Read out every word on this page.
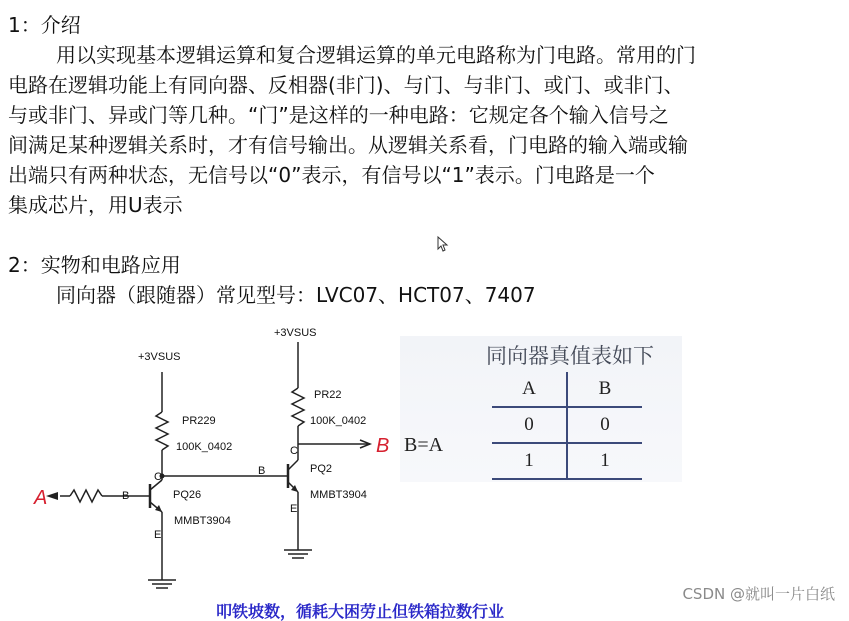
1：介绍

用以实现基本逻辑运算和复合逻辑运算的单元电路称为门电路。常用的门
电路在逻辑功能上有同向器、反相器(非门)、与门、与非门、或门、或非门、
与或非门、异或门等几种。“门”是这样的一种电路：它规定各个输入信号之
间满足某种逻辑关系时，才有信号输出。从逻辑关系看，门电路的输入端或输
出端只有两种状态，无信号以“0”表示，有信号以“1”表示。门电路是一个
集成芯片，用U表示

2：实物和电路应用

同向器（跟随器）常见型号：LVC07、HCT07、7407

A
B
+3VSUS
PR229
100K_0402
+3VSUS
PR22
100K_0402
B	PQ26
MMBT3904
C
E
B	PQ2
MMBT3904
C
E
同向器真值表如下
B=A
A	B
0	0
1	1
叩铁坡数，循耗大困劳止但铁箱拉数行业
CSDN @就叫一片白纸
